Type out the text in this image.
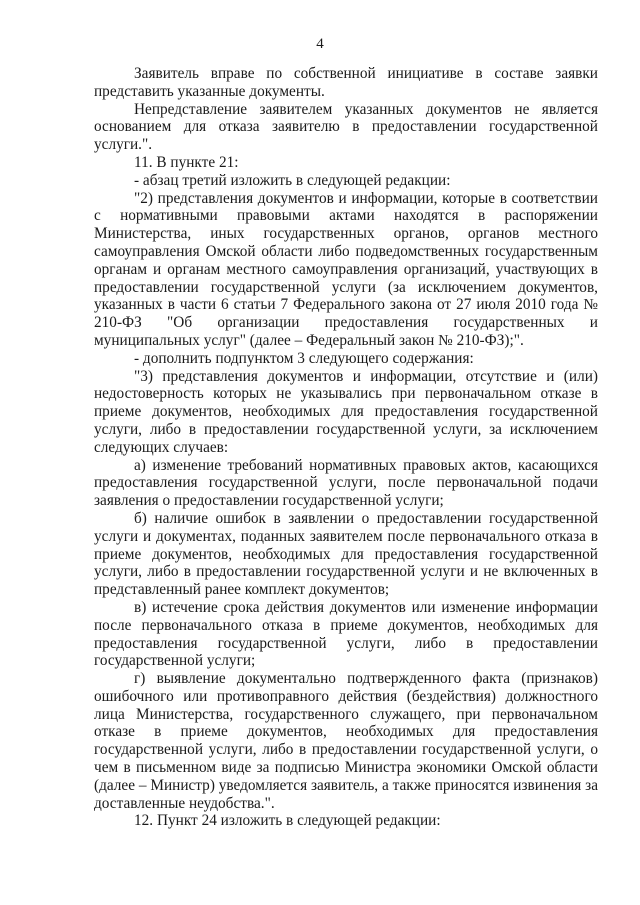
4

Заявитель вправе по собственной инициативе в составе заявки представить указанные документы.

Непредставление заявителем указанных документов не является основанием для отказа заявителю в предоставлении государственной услуги.".

11. В пункте 21:

- абзац третий изложить в следующей редакции:

"2) представления документов и информации, которые в соответствии с нормативными правовыми актами находятся в распоряжении Министерства, иных государственных органов, органов местного самоуправления Омской области либо подведомственных государственным органам и органам местного самоуправления организаций, участвующих в предоставлении государственной услуги (за исключением документов, указанных в части 6 статьи 7 Федерального закона от 27 июля 2010 года № 210-ФЗ "Об организации предоставления государственных и муниципальных услуг" (далее – Федеральный закон № 210-ФЗ);".

- дополнить подпунктом 3 следующего содержания:

"3) представления документов и информации, отсутствие и (или) недостоверность которых не указывались при первоначальном отказе в приеме документов, необходимых для предоставления государственной услуги, либо в предоставлении государственной услуги, за исключением следующих случаев:

а) изменение требований нормативных правовых актов, касающихся предоставления государственной услуги, после первоначальной подачи заявления о предоставлении государственной услуги;

б) наличие ошибок в заявлении о предоставлении государственной услуги и документах, поданных заявителем после первоначального отказа в приеме документов, необходимых для предоставления государственной услуги, либо в предоставлении государственной услуги и не включенных в представленный ранее комплект документов;

в) истечение срока действия документов или изменение информации после первоначального отказа в приеме документов, необходимых для предоставления государственной услуги, либо в предоставлении государственной услуги;

г) выявление документально подтвержденного факта (признаков) ошибочного или противоправного действия (бездействия) должностного лица Министерства, государственного служащего, при первоначальном отказе в приеме документов, необходимых для предоставления государственной услуги, либо в предоставлении государственной услуги, о чем в письменном виде за подписью Министра экономики Омской области (далее – Министр) уведомляется заявитель, а также приносятся извинения за доставленные неудобства.".

12. Пункт 24 изложить в следующей редакции:
